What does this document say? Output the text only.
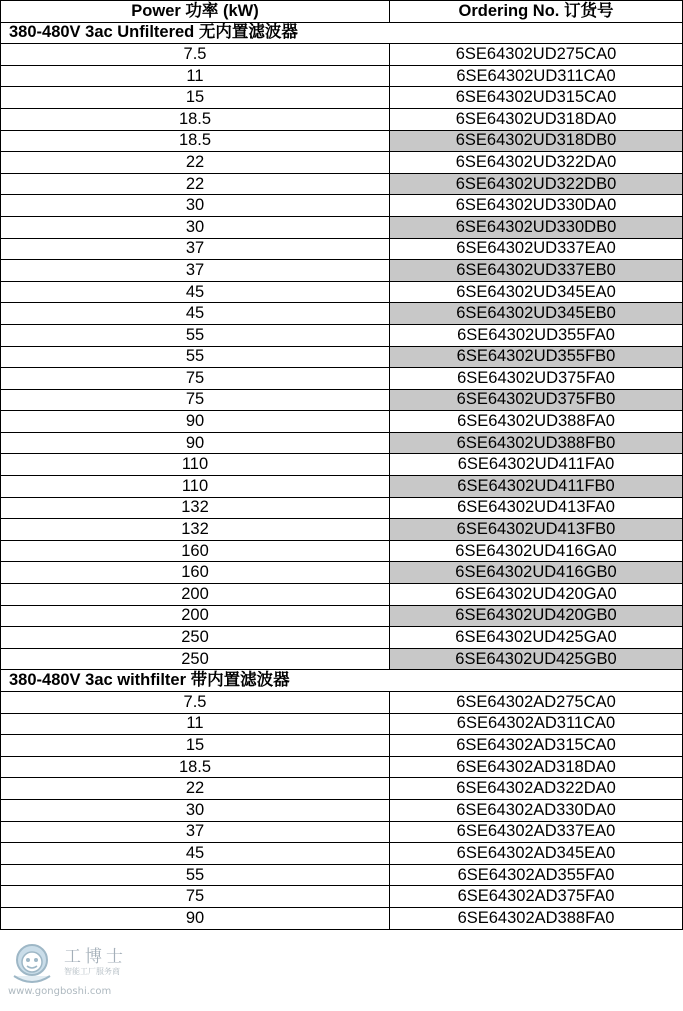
Power 功率 (kW)	Ordering No. 订货号
380-480V 3ac Unfiltered 无内置滤波器	
7.5	6SE64302UD275CA0
11	6SE64302UD311CA0
15	6SE64302UD315CA0
18.5	6SE64302UD318DA0
18.5	6SE64302UD318DB0
22	6SE64302UD322DA0
22	6SE64302UD322DB0
30	6SE64302UD330DA0
30	6SE64302UD330DB0
37	6SE64302UD337EA0
37	6SE64302UD337EB0
45	6SE64302UD345EA0
45	6SE64302UD345EB0
55	6SE64302UD355FA0
55	6SE64302UD355FB0
75	6SE64302UD375FA0
75	6SE64302UD375FB0
90	6SE64302UD388FA0
90	6SE64302UD388FB0
110	6SE64302UD411FA0
110	6SE64302UD411FB0
132	6SE64302UD413FA0
132	6SE64302UD413FB0
160	6SE64302UD416GA0
160	6SE64302UD416GB0
200	6SE64302UD420GA0
200	6SE64302UD420GB0
250	6SE64302UD425GA0
250	6SE64302UD425GB0
380-480V 3ac withfilter 带内置滤波器	
7.5	6SE64302AD275CA0
11	6SE64302AD311CA0
15	6SE64302AD315CA0
18.5	6SE64302AD318DA0
22	6SE64302AD322DA0
30	6SE64302AD330DA0
37	6SE64302AD337EA0
45	6SE64302AD345EA0
55	6SE64302AD355FA0
75	6SE64302AD375FA0
90	6SE64302AD388FA0
工博士
智能工厂服务商
www.gongboshi.com
